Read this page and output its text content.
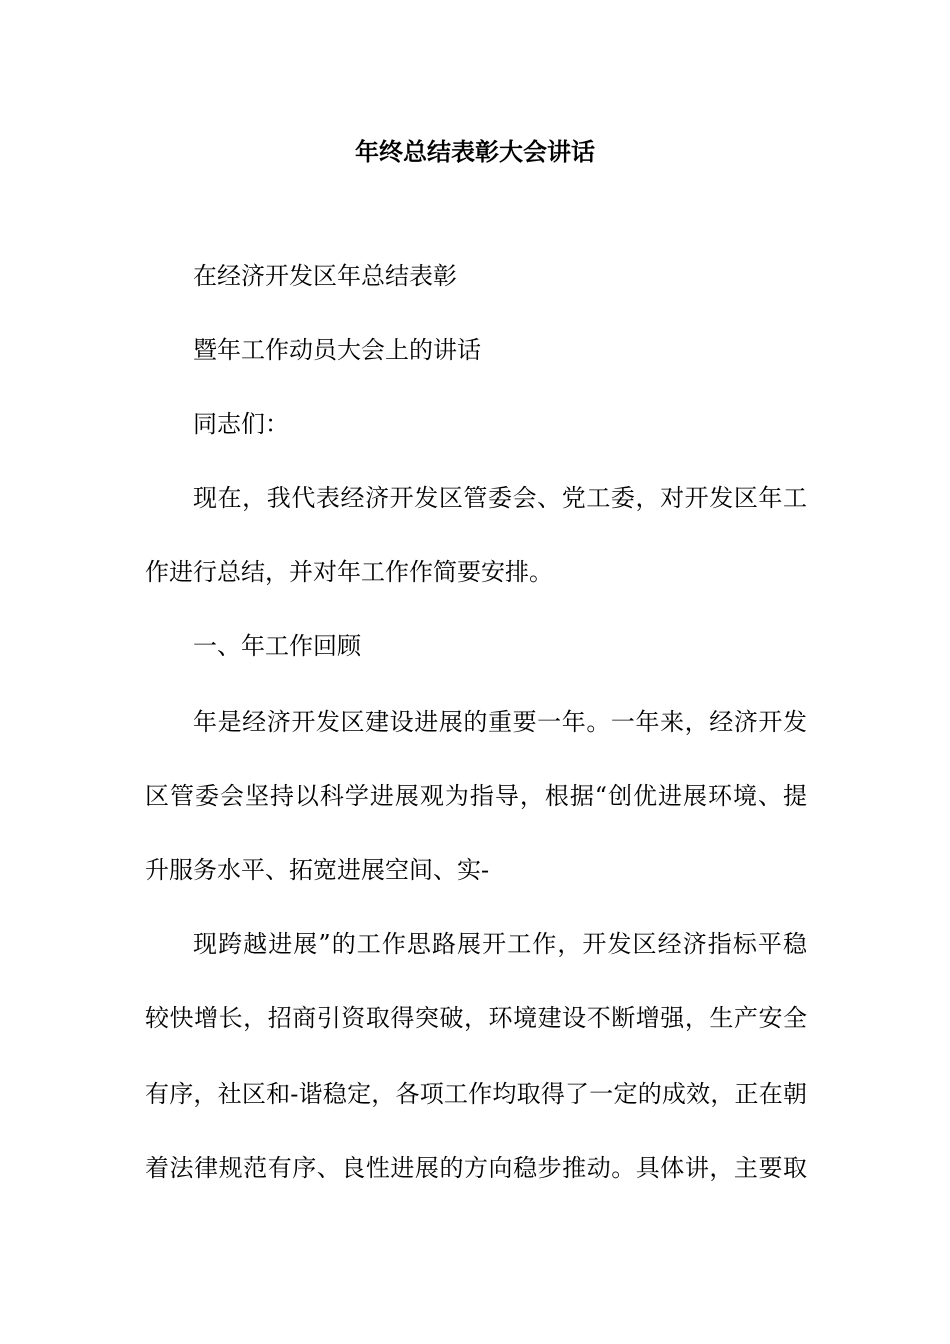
年终总结表彰大会讲话
在经济开发区年总结表彰
暨年工作动员大会上的讲话
同志们：
现在，我代表经济开发区管委会、党工委，对开发区年工
作进行总结，并对年工作作简要安排。
一、年工作回顾
年是经济开发区建设进展的重要一年。一年来，经济开发
区管委会坚持以科学进展观为指导，根据“创优进展环境、提
升服务水平、拓宽进展空间、实-
现跨越进展”的工作思路展开工作，开发区经济指标平稳
较快增长，招商引资取得突破，环境建设不断增强，生产安全
有序，社区和-谐稳定，各项工作均取得了一定的成效，正在朝
着法律规范有序、良性进展的方向稳步推动。具体讲，主要取
